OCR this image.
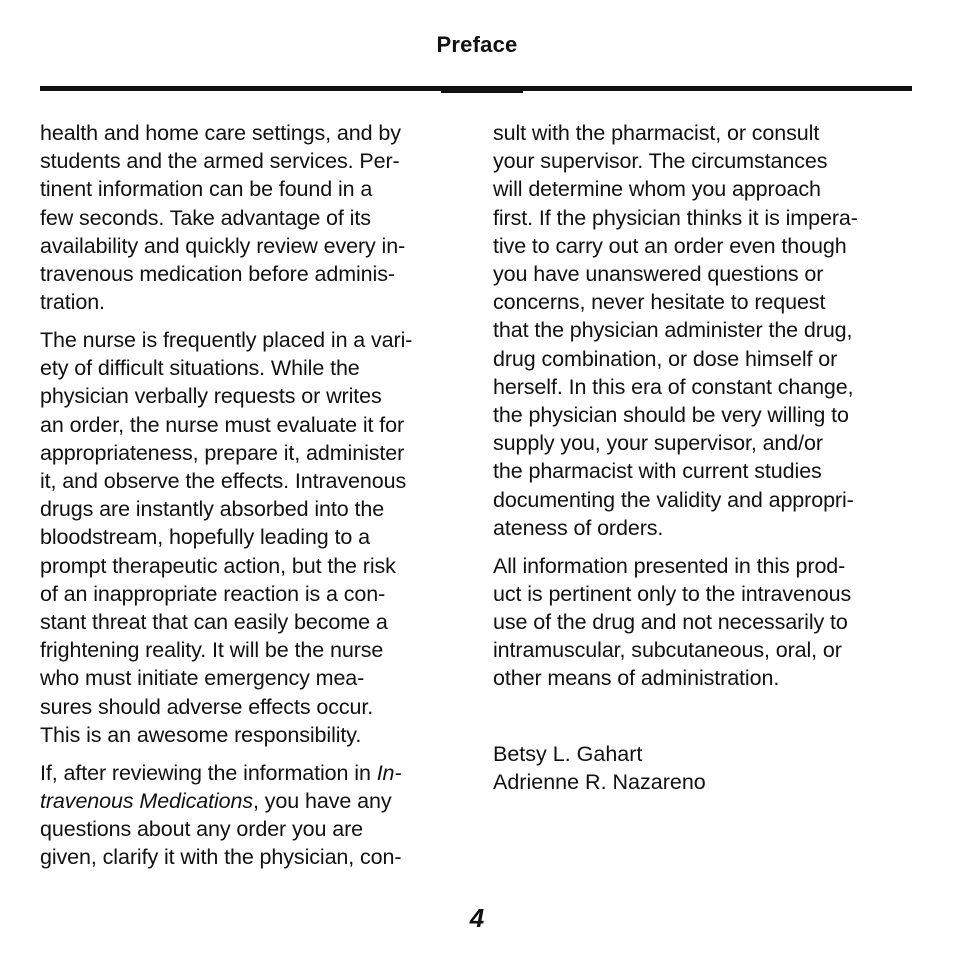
Preface

health and home care settings, and by
students and the armed services. Per-
tinent information can be found in a
few seconds. Take advantage of its
availability and quickly review every in-
travenous medication before adminis-
tration.

The nurse is frequently placed in a vari-
ety of difficult situations. While the
physician verbally requests or writes
an order, the nurse must evaluate it for
appropriateness, prepare it, administer
it, and observe the effects. Intravenous
drugs are instantly absorbed into the
bloodstream, hopefully leading to a
prompt therapeutic action, but the risk
of an inappropriate reaction is a con-
stant threat that can easily become a
frightening reality. It will be the nurse
who must initiate emergency mea-
sures should adverse effects occur.
This is an awesome responsibility.

If, after reviewing the information in In-
travenous Medications, you have any
questions about any order you are
given, clarify it with the physician, con-

sult with the pharmacist, or consult
your supervisor. The circumstances
will determine whom you approach
first. If the physician thinks it is impera-
tive to carry out an order even though
you have unanswered questions or
concerns, never hesitate to request
that the physician administer the drug,
drug combination, or dose himself or
herself. In this era of constant change,
the physician should be very willing to
supply you, your supervisor, and/or
the pharmacist with current studies
documenting the validity and appropri-
ateness of orders.

All information presented in this prod-
uct is pertinent only to the intravenous
use of the drug and not necessarily to
intramuscular, subcutaneous, oral, or
other means of administration.

Betsy L. Gahart
Adrienne R. Nazareno
4
